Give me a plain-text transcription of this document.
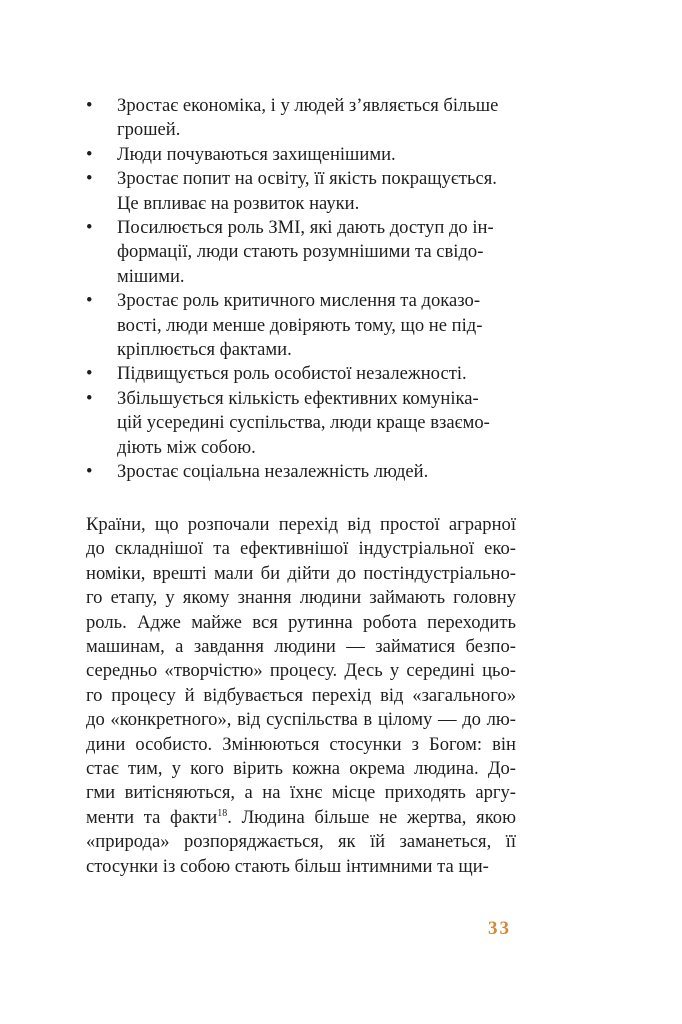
•	Зростає економіка, і у людей з’являється більше
грошей.
•	Люди почуваються захищенішими.
•	Зростає попит на освіту, її якість покращується.
Це впливає на розвиток науки.
•	Посилюється роль ЗМІ, які дають доступ до ін-
формації, люди стають розумнішими та свідо-
мішими.
•	Зростає роль критичного мислення та доказо-
вості, люди менше довіряють тому, що не під-
кріплюється фактами.
•	Підвищується роль особистої незалежності.
•	Збільшується кількість ефективних комуніка-
цій усередині суспільства, люди краще взаємо-
діють між собою.
•	Зростає соціальна незалежність людей.
Країни, що розпочали перехід від простої аграрної
до складнішої та ефективнішої індустріальної еко-
номіки, врешті мали би дійти до постіндустріально-
го етапу, у якому знання людини займають головну
роль. Адже майже вся рутинна робота переходить
машинам, а завдання людини — займатися безпо-
середньо «творчістю» процесу. Десь у середині цьо-
го процесу й відбувається перехід від «загального»
до «конкретного», від суспільства в цілому — до лю-
дини особисто. Змінюються стосунки з Богом: він
стає тим, у кого вірить кожна окрема людина. До-
гми витісняються, а на їхнє місце приходять аргу-
менти та факти$^{18}$. Людина більше не жертва, якою
«природа» розпоряджається, як їй заманеться, її
стосунки із собою стають більш інтимними та щи-
33
